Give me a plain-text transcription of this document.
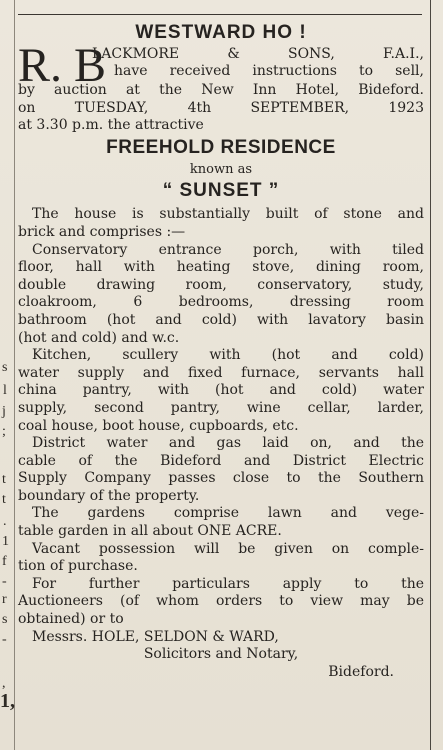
s
l
j
;
t
t
.
1
f
-
r
s
-
,
1,
WESTWARD HO !
R. B
LACKMORE & SONS, F.A.I.,
have received instructions to sell,
by auction at the New Inn Hotel, Bideford.
on TUESDAY, 4th SEPTEMBER, 1923
at 3.30 p.m. the attractive
FREEHOLD RESIDENCE
known as
“ SUNSET ”
The house is substantially built of stone and
brick and comprises :—
Conservatory entrance porch, with tiled
floor, hall with heating stove, dining room,
double drawing room, conservatory, study,
cloakroom, 6 bedrooms, dressing room
bathroom (hot and cold) with lavatory basin
(hot and cold) and w.c.
Kitchen, scullery with (hot and cold)
water supply and fixed furnace, servants hall
china pantry, with (hot and cold) water
supply, second pantry, wine cellar, larder,
coal house, boot house, cupboards, etc.
District water and gas laid on, and the
cable of the Bideford and District Electric
Supply Company passes close to the Southern
boundary of the property.
The gardens comprise lawn and vege-
table garden in all about ONE ACRE.
Vacant possession will be given on comple-
tion of purchase.
For further particulars apply to the
Auctioneers (of whom orders to view may be
obtained) or to
Messrs. HOLE, SELDON & WARD,
Solicitors and Notary,
Bideford.
